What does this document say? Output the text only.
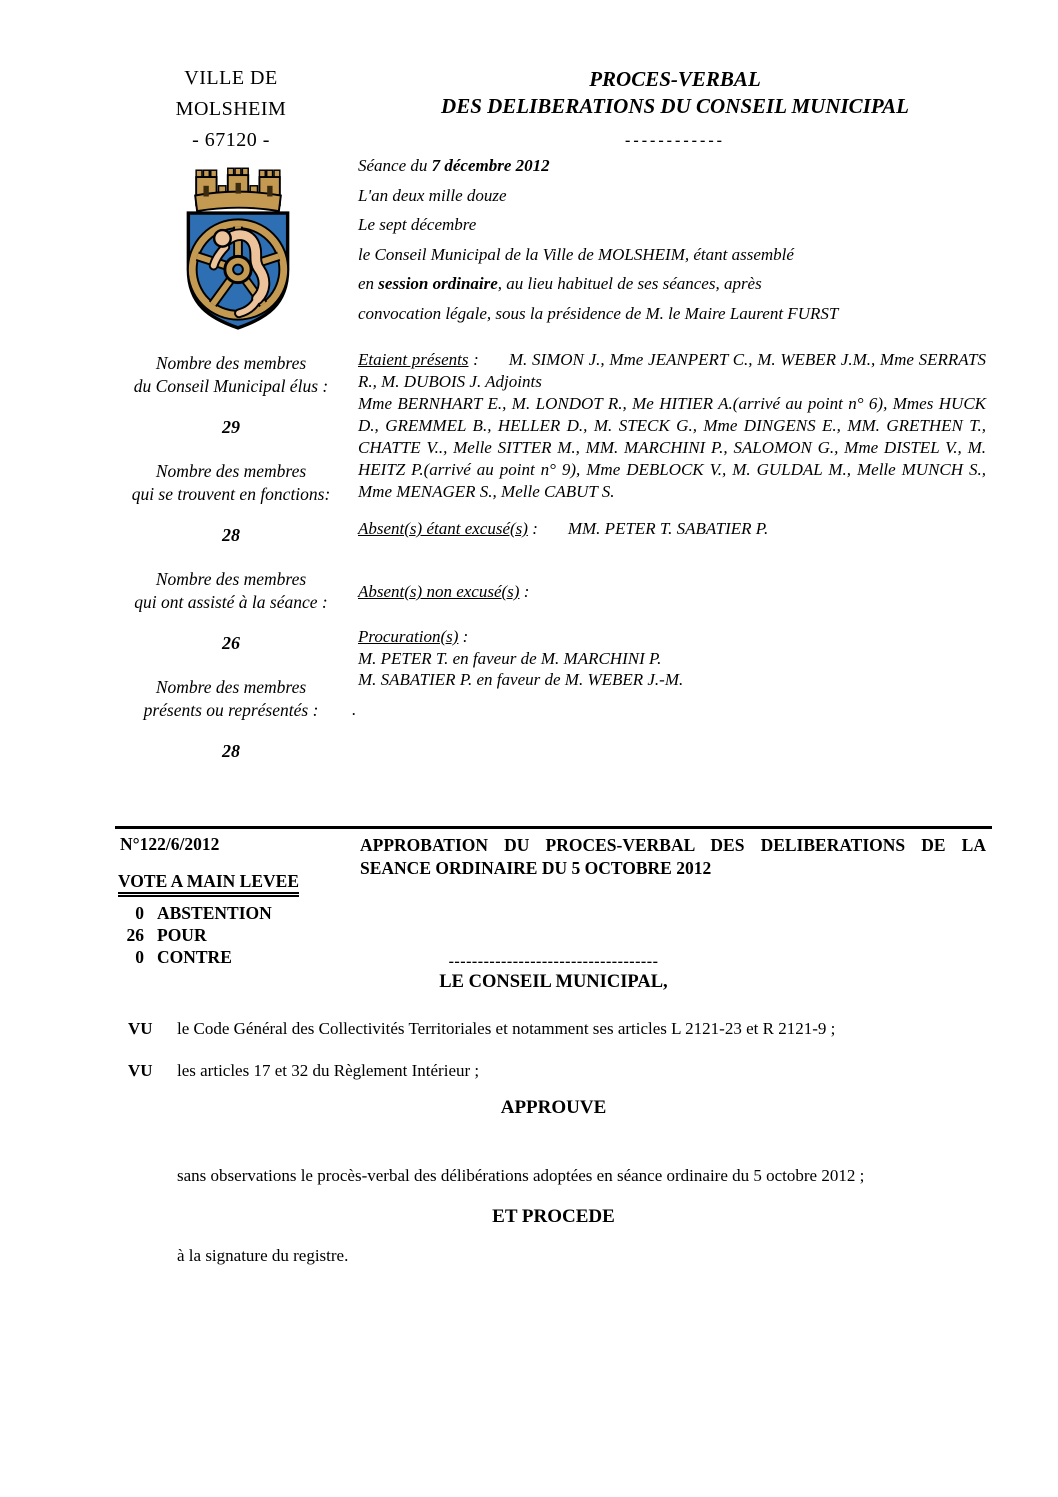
VILLE DE
MOLSHEIM
- 67120 -
PROCES-VERBAL
DES DELIBERATIONS DU CONSEIL MUNICIPAL
------------
Nombre des membres
du Conseil Municipal élus :
29
Nombre des membres
qui se trouvent en fonctions:
28
Nombre des membres
qui ont assisté à la séance :
26
Nombre des membres
présents ou représentés :
28
Séance du 7 décembre 2012
L'an deux mille douze
Le sept décembre
le Conseil Municipal de la Ville de MOLSHEIM, étant assemblé
en session ordinaire, au lieu habituel de ses séances, après
convocation légale, sous la présidence de M. le Maire Laurent FURST

Etaient présents : M. SIMON J., Mme JEANPERT C., M. WEBER J.M., Mme SERRATS R., M. DUBOIS J. Adjoints

Mme BERNHART E., M. LONDOT R., Me HITIER A.(arrivé au point n° 6), Mmes HUCK D., GREMMEL B., HELLER D., M. STECK G., Mme DINGENS E., MM. GRETHEN T., CHATTE V.., Melle SITTER M., MM. MARCHINI P., SALOMON G., Mme DISTEL V., M. HEITZ P.(arrivé au point n° 9), Mme DEBLOCK V., M. GULDAL M., Melle MUNCH S., Mme MENAGER S., Melle CABUT S.

Absent(s) étant excusé(s) : MM. PETER T. SABATIER P.
Absent(s) non excusé(s) :
Procuration(s) :
M. PETER T. en faveur de M. MARCHINI P.
M. SABATIER P. en faveur de M. WEBER J.-M.
.
N°122/6/2012	APPROBATION DU PROCES-VERBAL DES DELIBERATIONS DE LA
SEANCE ORDINAIRE DU 5 OCTOBRE 2012
VOTE A MAIN LEVEE
0 ABSTENTION
26 POUR
0 CONTRE	------------------------------------
LE CONSEIL MUNICIPAL,
VU	le Code Général des Collectivités Territoriales et notamment ses articles L 2121-23 et R 2121-9 ;
VU	les articles 17 et 32 du Règlement Intérieur ;
APPROUVE
sans observations le procès-verbal des délibérations adoptées en séance ordinaire du 5 octobre 2012 ;
ET PROCEDE
à la signature du registre.
